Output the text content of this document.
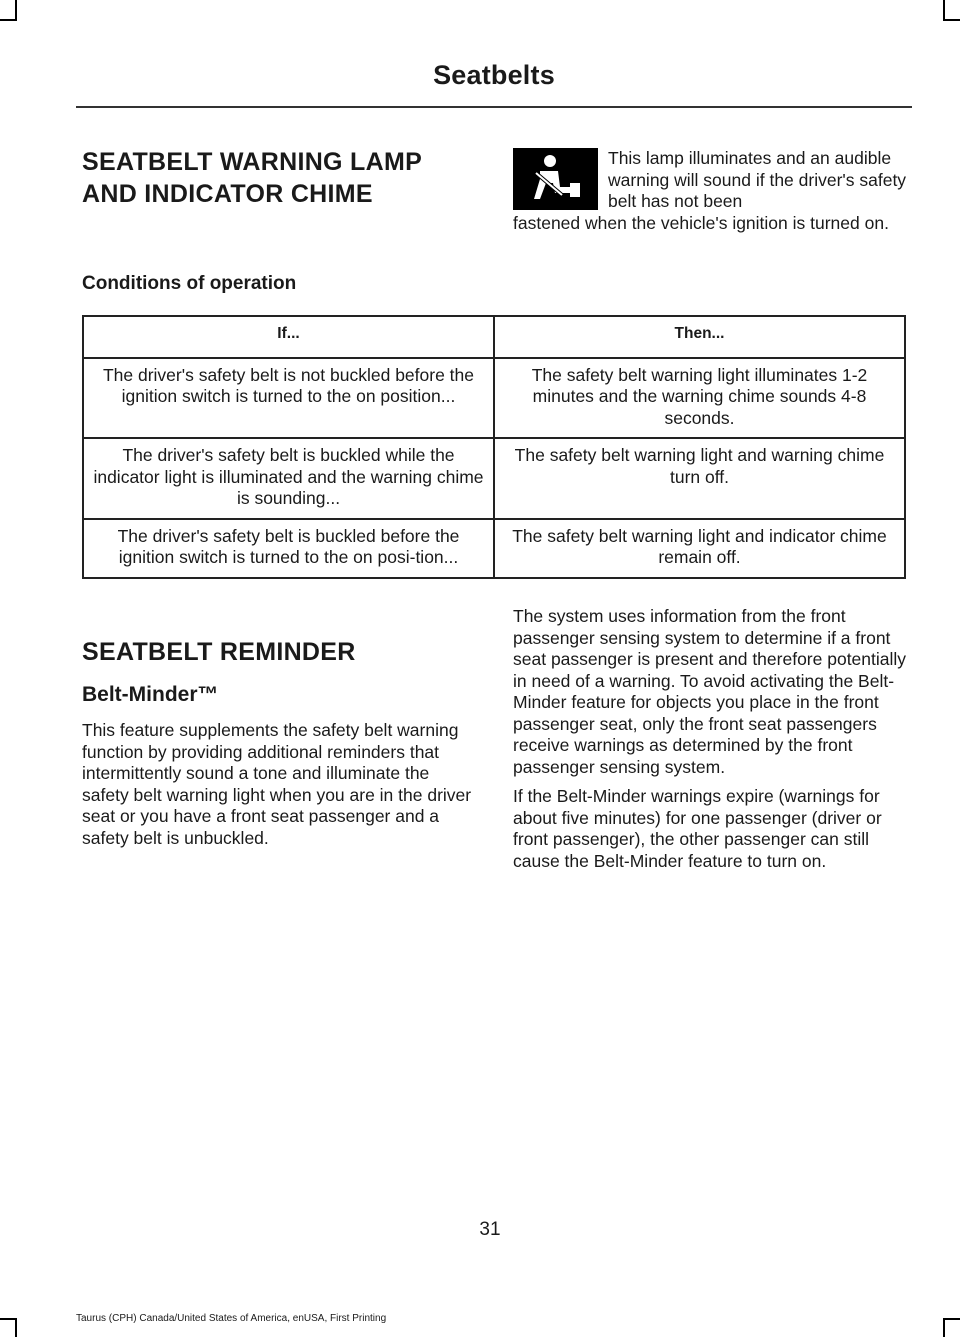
Seatbelts
SEATBELT WARNING LAMP
AND INDICATOR CHIME
This lamp illuminates and an audible warning will sound if the driver's safety belt has not been
fastened when the vehicle's ignition is turned on.
Conditions of operation
If...	Then...
The driver's safety belt is not buckled before the ignition switch is turned to the on position...	The safety belt warning light illuminates 1-2 minutes and the warning chime sounds 4-8 seconds.
The driver's safety belt is buckled while the indicator light is illuminated and the warning chime is sounding...	The safety belt warning light and warning chime turn off.
The driver's safety belt is buckled before the ignition switch is turned to the on posi-tion...	The safety belt warning light and indicator chime remain off.
SEATBELT REMINDER
Belt-Minder™

This feature supplements the safety belt warning function by providing additional reminders that intermittently sound a tone and illuminate the safety belt warning light when you are in the driver seat or you have a front seat passenger and a safety belt is unbuckled.

The system uses information from the front passenger sensing system to determine if a front seat passenger is present and therefore potentially in need of a warning. To avoid activating the Belt-Minder feature for objects you place in the front passenger seat, only the front seat passengers receive warnings as determined by the front passenger sensing system.

If the Belt-Minder warnings expire (warnings for about five minutes) for one passenger (driver or front passenger), the other passenger can still cause the Belt-Minder feature to turn on.

31
Taurus (CPH) Canada/United States of America, enUSA, First Printing
